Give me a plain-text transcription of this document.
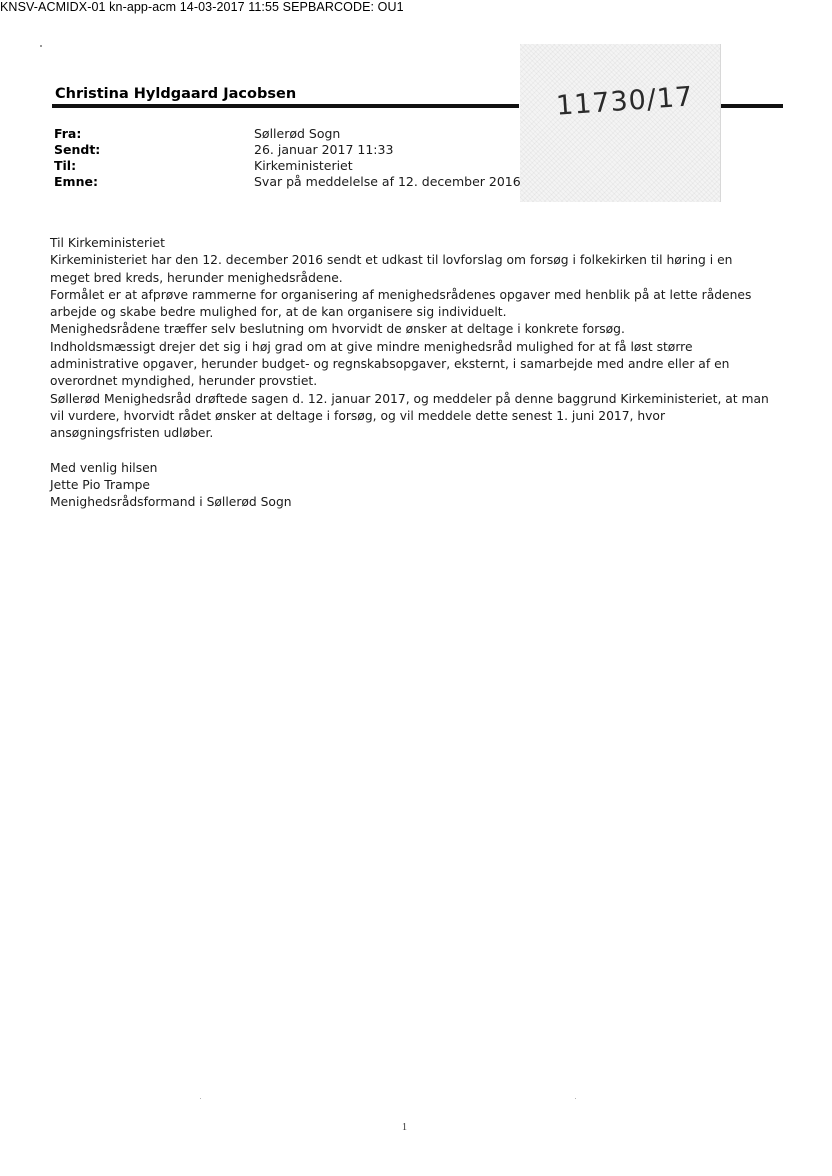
KNSV-ACMIDX-01 kn-app-acm 14-03-2017 11:55 SEPBARCODE: OU1
11730/17
Christina Hyldgaard Jacobsen
Fra:	Søllerød Sogn
Sendt:	26. januar 2017 11:33
Til:	Kirkeministeriet
Emne:	Svar på meddelelse af 12. december 2016
Til Kirkeministeriet
Kirkeministeriet har den 12. december 2016 sendt et udkast til lovforslag om forsøg i folkekirken til høring i en
meget bred kreds, herunder menighedsrådene.
Formålet er at afprøve rammerne for organisering af menighedsrådenes opgaver med henblik på at lette rådenes
arbejde og skabe bedre mulighed for, at de kan organisere sig individuelt.
Menighedsrådene træffer selv beslutning om hvorvidt de ønsker at deltage i konkrete forsøg.
Indholdsmæssigt drejer det sig i høj grad om at give mindre menighedsråd mulighed for at få løst større
administrative opgaver, herunder budget- og regnskabsopgaver, eksternt, i samarbejde med andre eller af en
overordnet myndighed, herunder provstiet.
Søllerød Menighedsråd drøftede sagen d. 12. januar 2017, og meddeler på denne baggrund Kirkeministeriet, at man
vil vurdere, hvorvidt rådet ønsker at deltage i forsøg, og vil meddele dette senest 1. juni 2017, hvor
ansøgningsfristen udløber.
Med venlig hilsen
Jette Pio Trampe
Menighedsrådsformand i Søllerød Sogn
1
